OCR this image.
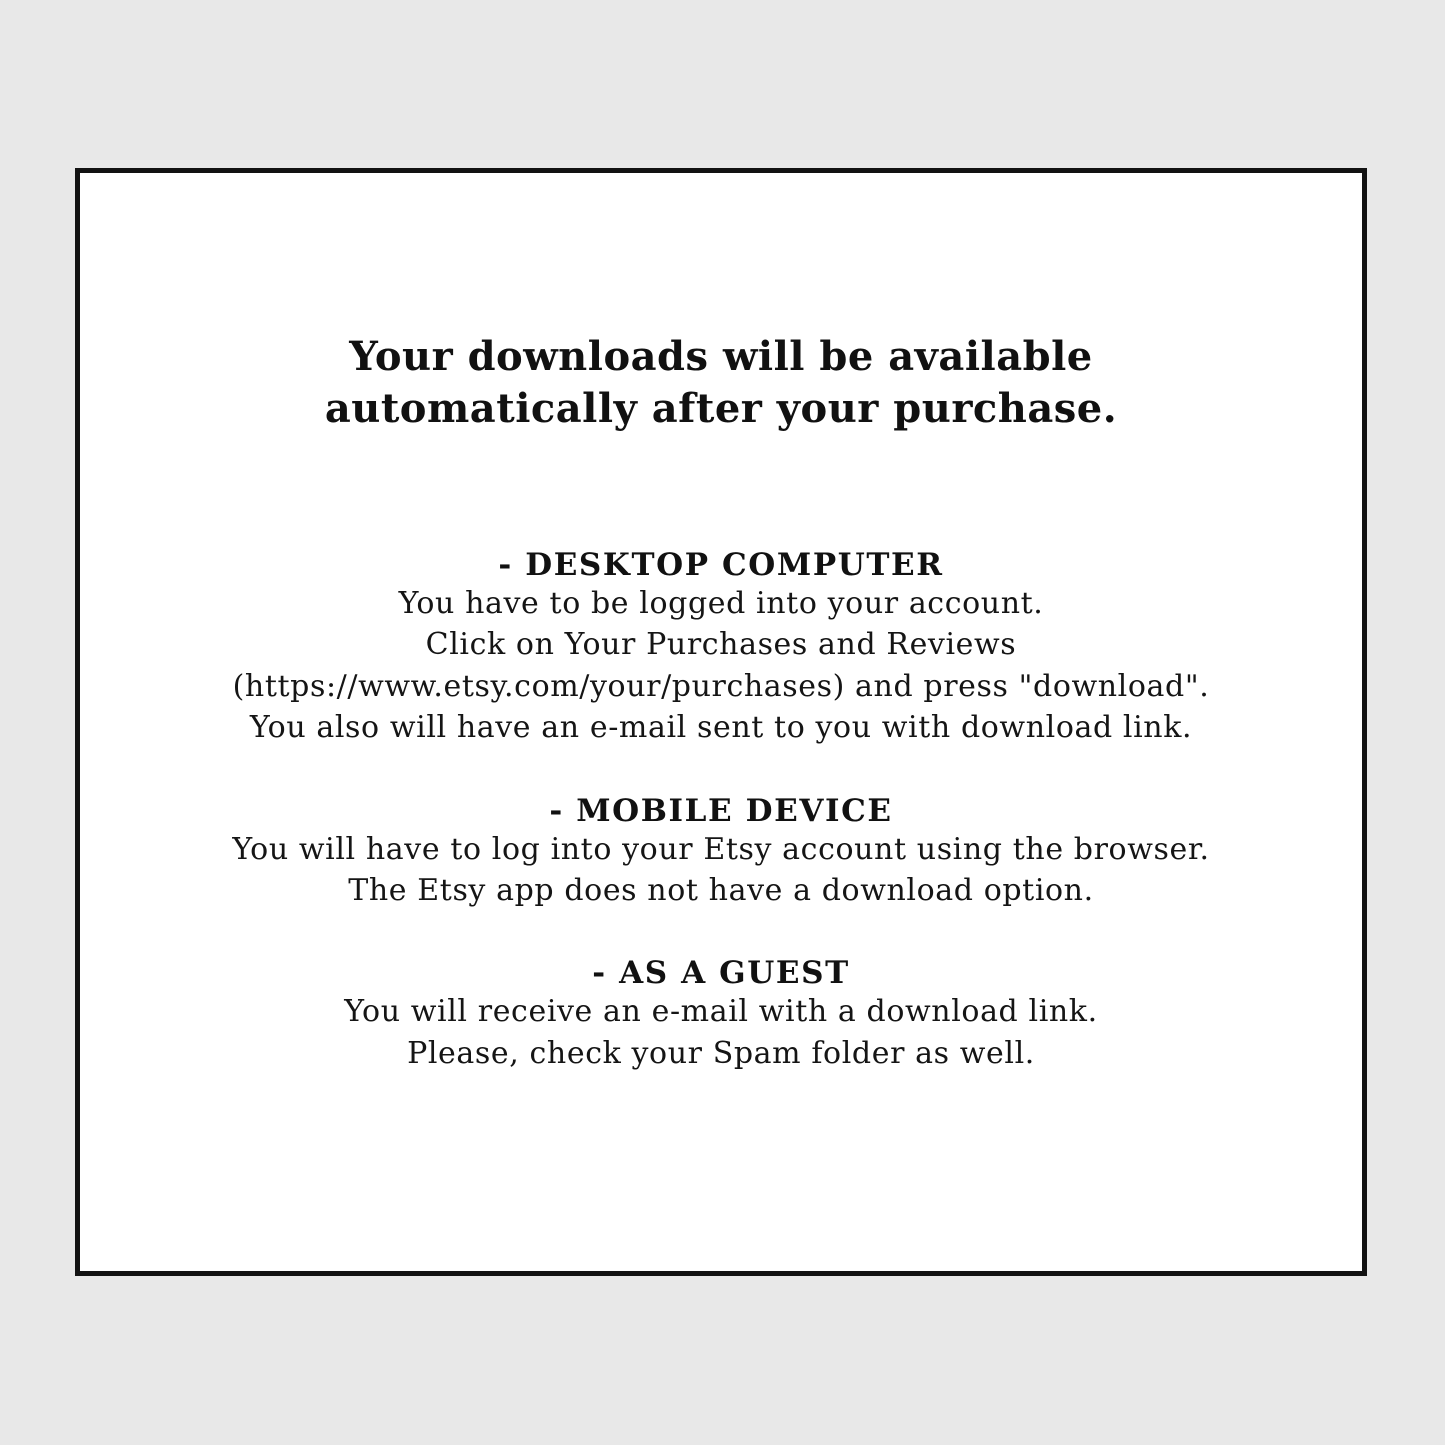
Your downloads will be available
automatically after your purchase.

- DESKTOP COMPUTER

You have to be logged into your account.

Click on Your Purchases and Reviews

(https://www.etsy.com/your/purchases) and press "download".

You also will have an e-mail sent to you with download link.

- MOBILE DEVICE

You will have to log into your Etsy account using the browser.

The Etsy app does not have a download option.

- AS A GUEST

You will receive an e-mail with a download link.

Please, check your Spam folder as well.
